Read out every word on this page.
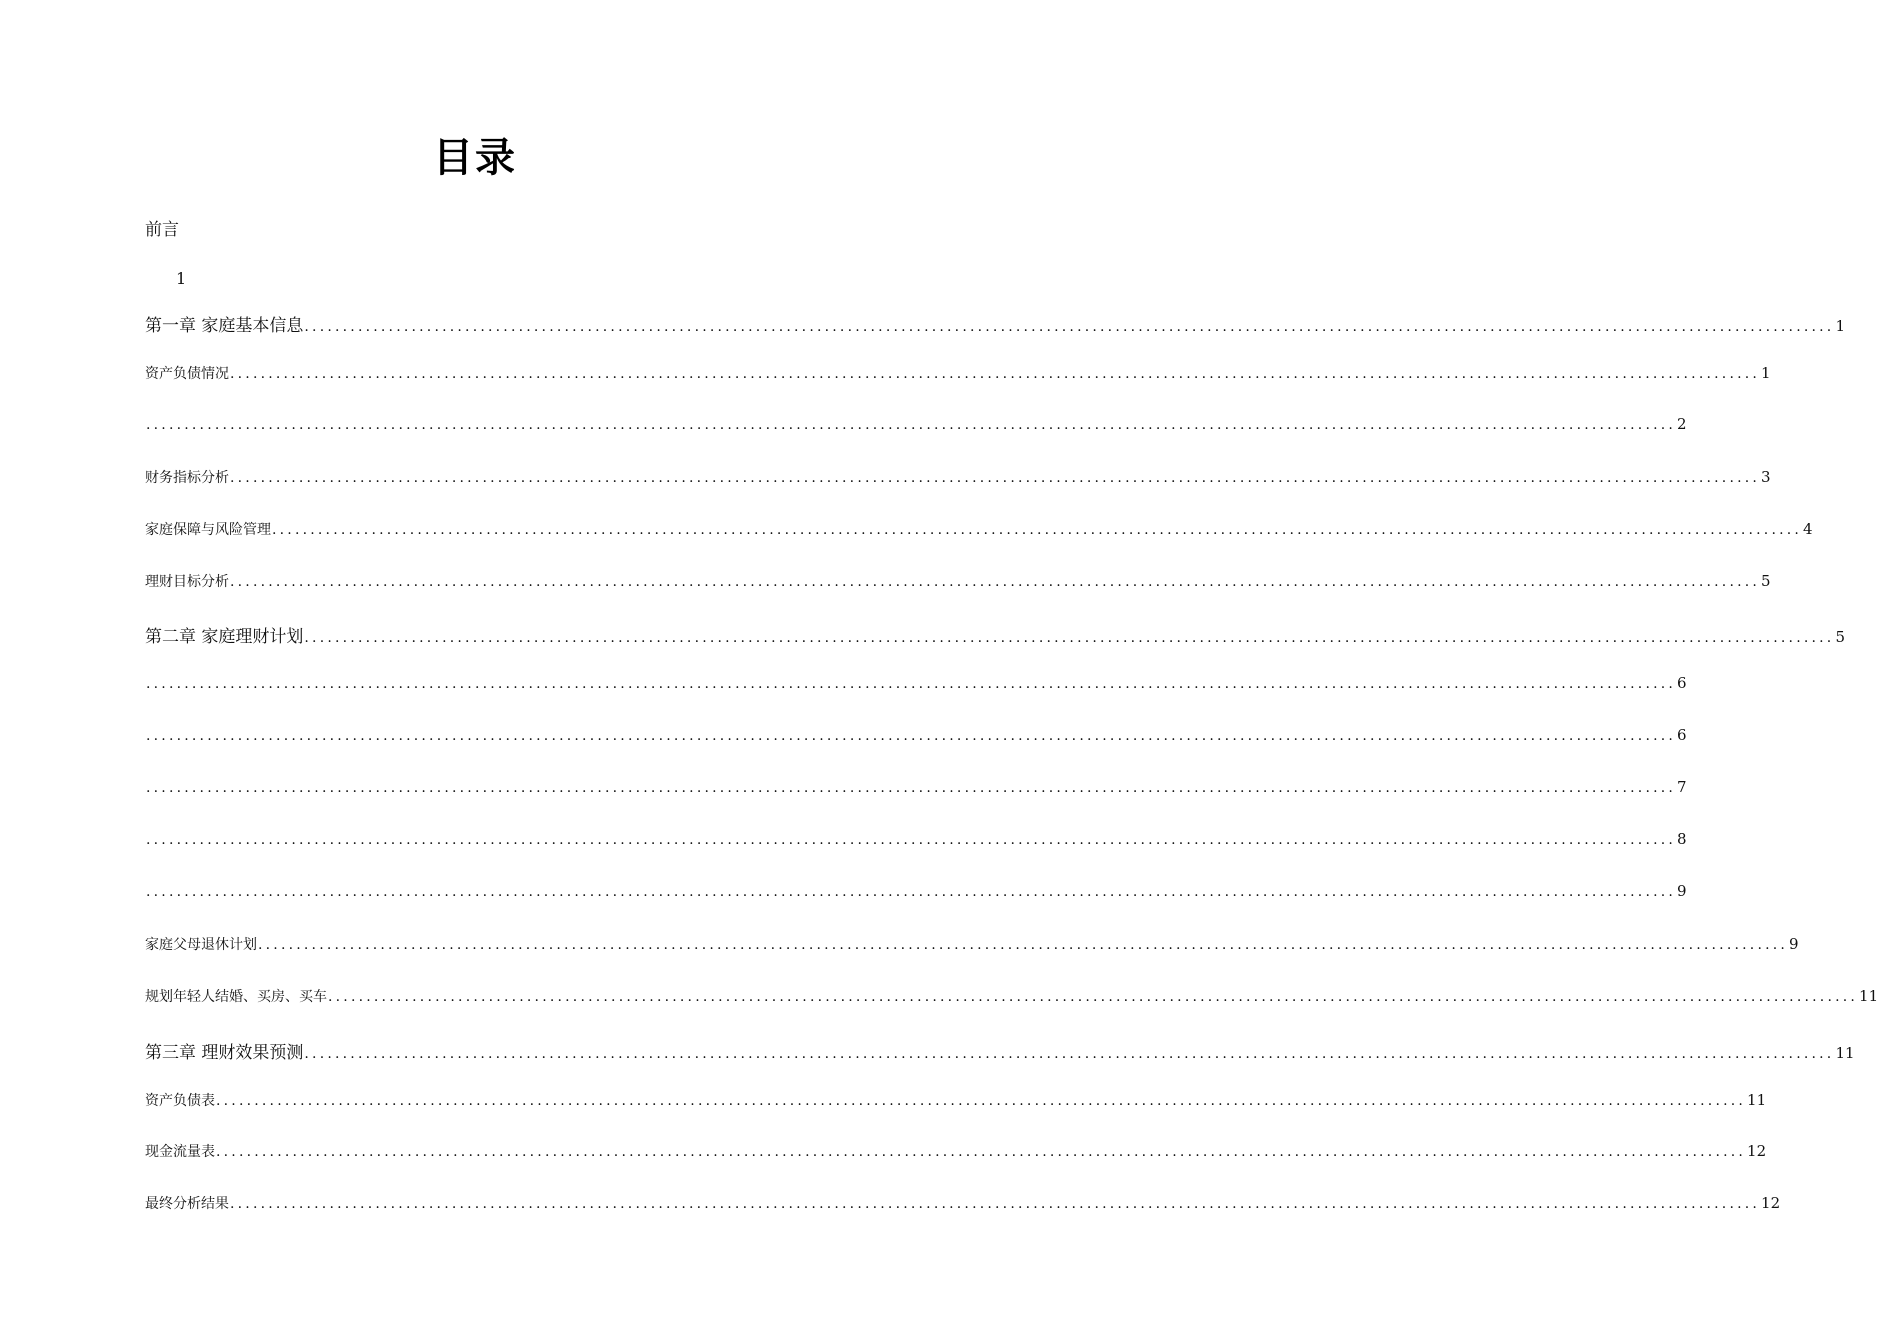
目录
前言
1
第一章 家庭基本信息 ........................................................................................................................................................................................................ 1
资产负债情况 ........................................................................................................................................................................................................ 1
........................................................................................................................................................................................................ 2
财务指标分析 ........................................................................................................................................................................................................ 3
家庭保障与风险管理 ........................................................................................................................................................................................................ 4
理财目标分析 ........................................................................................................................................................................................................ 5
第二章 家庭理财计划 ........................................................................................................................................................................................................ 5
........................................................................................................................................................................................................ 6
........................................................................................................................................................................................................ 6
........................................................................................................................................................................................................ 7
........................................................................................................................................................................................................ 8
........................................................................................................................................................................................................ 9
家庭父母退休计划 ........................................................................................................................................................................................................ 9
规划年轻人结婚、买房、买车 ........................................................................................................................................................................................................ 11
第三章 理财效果预测 ........................................................................................................................................................................................................ 11
资产负债表 ........................................................................................................................................................................................................ 11
现金流量表 ........................................................................................................................................................................................................ 12
最终分析结果 ........................................................................................................................................................................................................ 12
